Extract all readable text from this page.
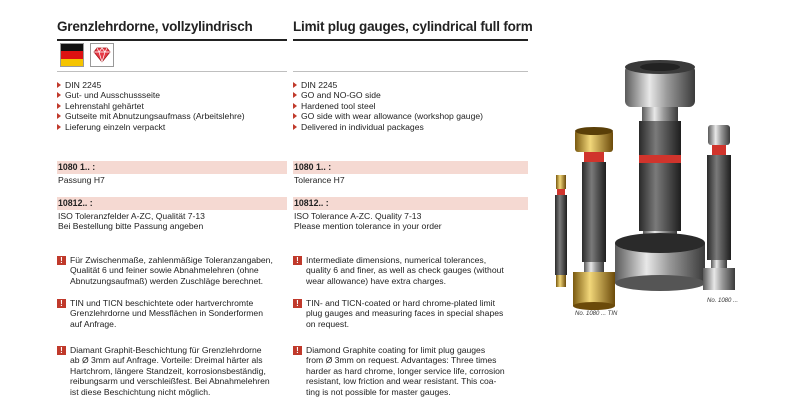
Grenzlehrdorne, vollzylindrisch	Limit plug gauges, cylindrical full form
DIN 2245
Gut- und Ausschussseite
Lehrenstahl gehärtet
Gutseite mit Abnutzungsaufmass (Arbeitslehre)
Lieferung einzeln verpackt
DIN 2245
GO and NO-GO side
Hardened tool steel
GO side with wear allowance (workshop gauge)
Delivered in individual packages
1080 1.. :	1080 1.. :
Passung H7	Tolerance H7
10812.. :	10812.. :
ISO Toleranzfelder A-ZC, Qualität 7-13
Bei Bestellung bitte Passung angeben
ISO Tolerance A-ZC. Quality 7-13
Please mention tolerance in your order
! Für Zwischenmaße, zahlenmäßige Toleranzangaben,
Qualität 6 und feiner sowie Abnahmelehren (ohne
Abnutzungsaufmaß) werden Zuschläge berechnet.
! TIN und TICN beschichtete oder hartverchromte
Grenzlehrdorne und Messflächen in Sonderformen
auf Anfrage.
! Diamant Graphit-Beschichtung für Grenzlehrdorne
ab Ø 3mm auf Anfrage. Vorteile: Dreimal härter als
Hartchrom, längere Standzeit, korrosionsbeständig,
reibungsarm und verschleißfest. Bei Abnahmelehren
ist diese Beschichtung nicht möglich.
! Intermediate dimensions, numerical tolerances,
quality 6 and finer, as well as check gauges (without
wear allowance) have extra charges.
! TIN- and TICN-coated or hard chrome-plated limit
plug gauges and measuring faces in special shapes
on request.
! Diamond Graphite coating for limit plug gauges
from Ø 3mm on request. Advantages: Three times
harder as hard chrome, longer service life, corrosion
resistant, low friction and wear resistant. This coa-
ting is not possible for master gauges.
No. 1080 ...
No. 1080 ... TIN
